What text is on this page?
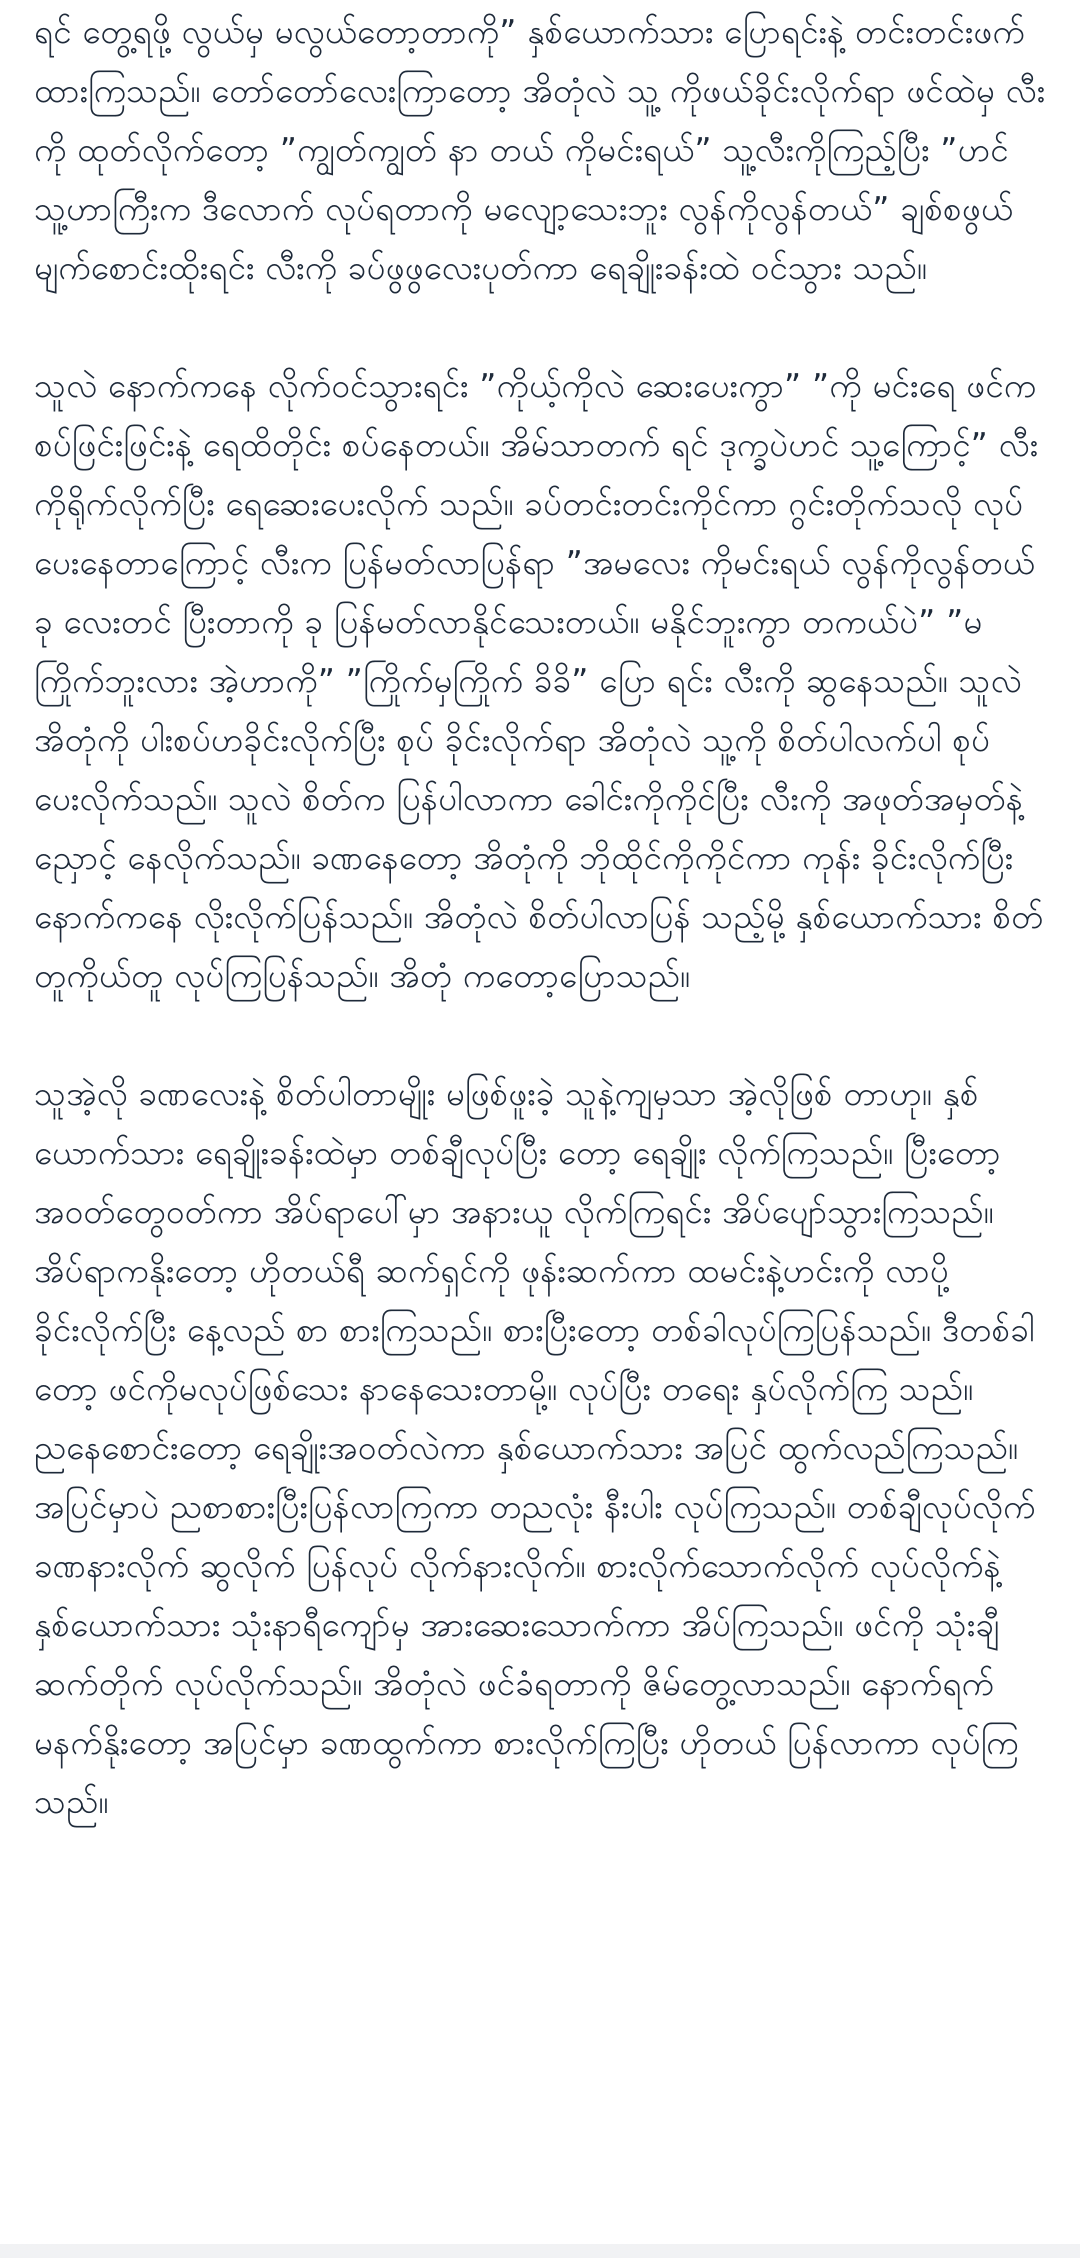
ရင် တွေ့ရဖို့ လွယ်မှ မလွယ်တော့တာကို” နှစ်ယောက်သား ပြောရင်းနဲ့ တင်းတင်းဖက်ထားကြသည်။ တော်တော်လေးကြာတော့ အိတုံလဲ သူ့ ကိုဖယ်ခိုင်းလိုက်ရာ ဖင်ထဲမှ လီးကို ထုတ်လိုက်တော့ ”ကျွတ်ကျွတ် နာ တယ် ကိုမင်းရယ်” သူ့လီးကိုကြည့်ပြီး ”ဟင် သူ့ဟာကြီးက ဒီလောက် လုပ်ရတာကို မလျော့သေးဘူး လွန်ကိုလွန်တယ်” ချစ်စဖွယ် မျက်စောင်းထိုးရင်း လီးကို ခပ်ဖွဖွလေးပုတ်ကာ ရေချိုးခန်းထဲ ဝင်သွား သည်။

သူလဲ နောက်ကနေ လိုက်ဝင်သွားရင်း ”ကိုယ့်ကိုလဲ ဆေးပေးကွာ” ”ကို မင်းရေ ဖင်က စပ်ဖြင်းဖြင်းနဲ့ ရေထိတိုင်း စပ်နေတယ်။ အိမ်သာတက် ရင် ဒုက္ခပဲဟင် သူ့ကြောင့်” လီးကိုရိုက်လိုက်ပြီး ရေဆေးပေးလိုက် သည်။ ခပ်တင်းတင်းကိုင်ကာ ဂွင်းတိုက်သလို လုပ်ပေးနေတာကြောင့် လီးက ပြန်မတ်လာပြန်ရာ ”အမလေး ကိုမင်းရယ် လွန်ကိုလွန်တယ် ခု လေးတင် ပြီးတာကို ခု ပြန်မတ်လာနိုင်သေးတယ်။ မနိုင်ဘူးကွာ တကယ်ပဲ” ”မကြိုက်ဘူးလား အဲ့ဟာကို” ”ကြိုက်မှကြိုက် ခိခိ” ပြော ရင်း လီးကို ဆွနေသည်။ သူလဲ အိတုံကို ပါးစပ်ဟခိုင်းလိုက်ပြီး စုပ် ခိုင်းလိုက်ရာ အိတုံလဲ သူ့ကို စိတ်ပါလက်ပါ စုပ်ပေးလိုက်သည်။ သူလဲ စိတ်က ပြန်ပါလာကာ ခေါင်းကိုကိုင်ပြီး လီးကို အဖုတ်အမှတ်နဲ့ ညှောင့် နေလိုက်သည်။ ခဏနေတော့ အိတုံကို ဘိုထိုင်ကိုကိုင်ကာ ကုန်း ခိုင်းလိုက်ပြီး နောက်ကနေ လိုးလိုက်ပြန်သည်။ အိတုံလဲ စိတ်ပါလာပြန် သည့်မို့ နှစ်ယောက်သား စိတ်တူကိုယ်တူ လုပ်ကြပြန်သည်။ အိတုံ ကတော့ပြောသည်။

သူအဲ့လို ခဏလေးနဲ့ စိတ်ပါတာမျိုး မဖြစ်ဖူးခဲ့ သူနဲ့ကျမှသာ အဲ့လိုဖြစ် တာဟု။ နှစ်ယောက်သား ရေချိုးခန်းထဲမှာ တစ်ချီလုပ်ပြီး တော့ ရေချိုး လိုက်ကြသည်။ ပြီးတော့ အဝတ်တွေဝတ်ကာ အိပ်ရာပေါ်မှာ အနားယူ လိုက်ကြရင်း အိပ်ပျော်သွားကြသည်။ အိပ်ရာကနိုးတော့ ဟိုတယ်ရီ ဆက်ရှင်ကို ဖုန်းဆက်ကာ ထမင်းနဲ့ဟင်းကို လာပို့ခိုင်းလိုက်ပြီး နေ့လည် စာ စားကြသည်။ စားပြီးတော့ တစ်ခါလုပ်ကြပြန်သည်။ ဒီတစ်ခါတော့ ဖင်ကိုမလုပ်ဖြစ်သေး နာနေသေးတာမို့။ လုပ်ပြီး တရေး နှပ်လိုက်ကြ သည်။ ညနေစောင်းတော့ ရေချိုးအဝတ်လဲကာ နှစ်ယောက်သား အပြင် ထွက်လည်ကြသည်။ အပြင်မှာပဲ ညစာစားပြီးပြန်လာကြကာ တညလုံး နီးပါး လုပ်ကြသည်။ တစ်ချီလုပ်လိုက် ခဏနားလိုက် ဆွလိုက် ပြန်လုပ် လိုက်နားလိုက်။ စားလိုက်သောက်လိုက် လုပ်လိုက်နဲ့ နှစ်ယောက်သား သုံးနာရီကျော်မှ အားဆေးသောက်ကာ အိပ်ကြသည်။ ဖင်ကို သုံးချီ ဆက်တိုက် လုပ်လိုက်သည်။ အိတုံလဲ ဖင်ခံရတာကို ဇိမ်တွေ့လာသည်။ နောက်ရက် မနက်နိုးတော့ အပြင်မှာ ခဏထွက်ကာ စားလိုက်ကြပြီး ဟိုတယ် ပြန်လာကာ လုပ်ကြသည်။
